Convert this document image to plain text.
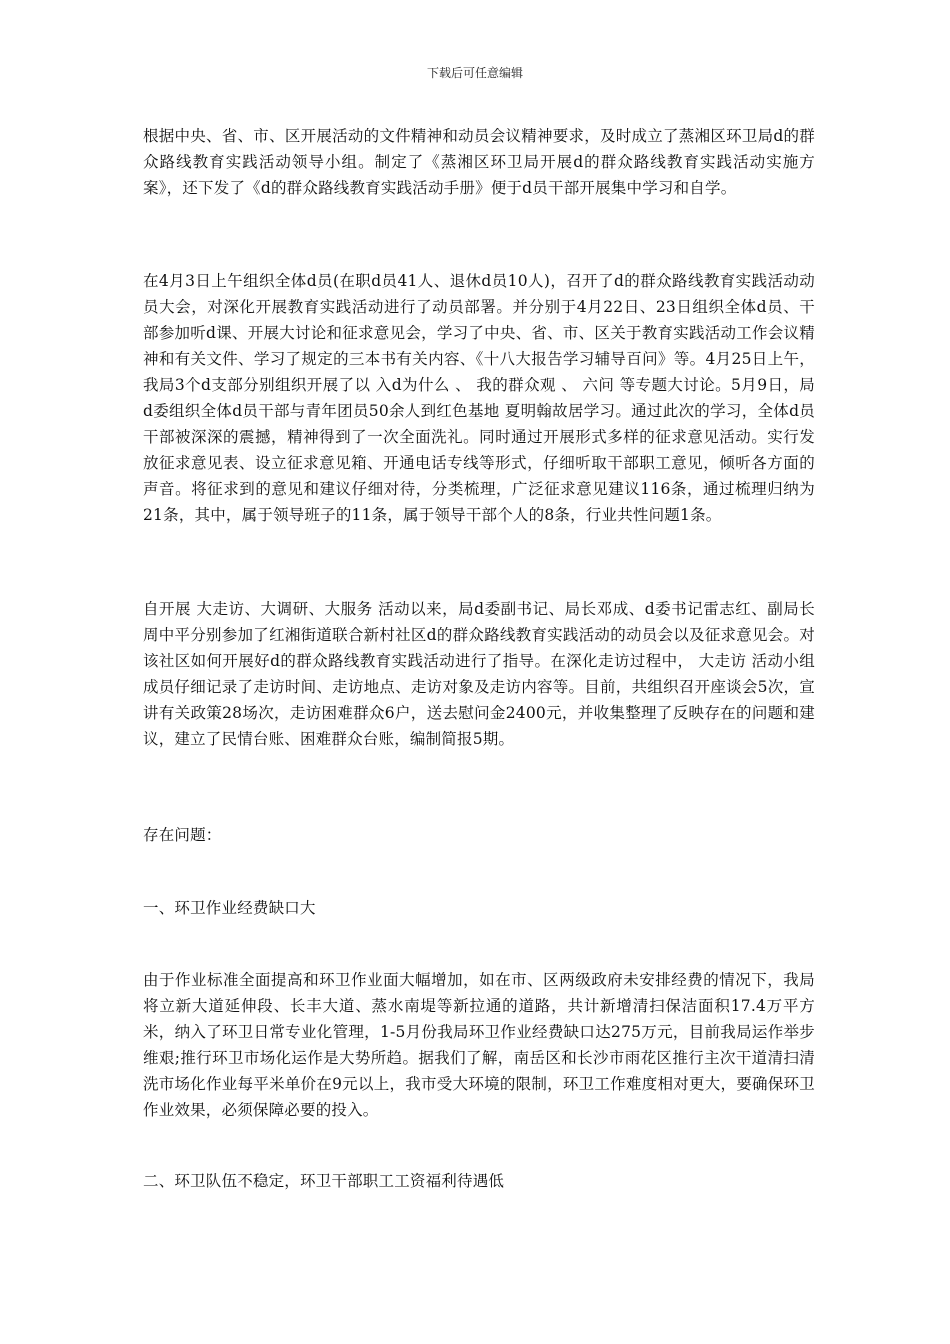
下载后可任意编辑

根据中央、省、市、区开展活动的文件精神和动员会议精神要求，及时成立了蒸湘区环卫局d的群众路线教育实践活动领导小组。制定了《蒸湘区环卫局开展d的群众路线教育实践活动实施方案》，还下发了《d的群众路线教育实践活动手册》便于d员干部开展集中学习和自学。

在4月3日上午组织全体d员(在职d员41人、退休d员10人)，召开了d的群众路线教育实践活动动员大会，对深化开展教育实践活动进行了动员部署。并分别于4月22日、23日组织全体d员、干部参加听d课、开展大讨论和征求意见会，学习了中央、省、市、区关于教育实践活动工作会议精神和有关文件、学习了规定的三本书有关内容、《十八大报告学习辅导百问》等。4月25日上午，我局3个d支部分别组织开展了以 入d为什么 、 我的群众观 、 六问 等专题大讨论。5月9日，局d委组织全体d员干部与青年团员50余人到红色基地 夏明翰故居学习。通过此次的学习，全体d员干部被深深的震撼，精神得到了一次全面洗礼。同时通过开展形式多样的征求意见活动。实行发放征求意见表、设立征求意见箱、开通电话专线等形式，仔细听取干部职工意见，倾听各方面的声音。将征求到的意见和建议仔细对待，分类梳理，广泛征求意见建议116条，通过梳理归纳为21条，其中，属于领导班子的11条，属于领导干部个人的8条，行业共性问题1条。

自开展 大走访、大调研、大服务 活动以来，局d委副书记、局长邓成、d委书记雷志红、副局长周中平分别参加了红湘街道联合新村社区d的群众路线教育实践活动的动员会以及征求意见会。对该社区如何开展好d的群众路线教育实践活动进行了指导。在深化走访过程中， 大走访 活动小组成员仔细记录了走访时间、走访地点、走访对象及走访内容等。目前，共组织召开座谈会5次，宣讲有关政策28场次，走访困难群众6户，送去慰问金2400元，并收集整理了反映存在的问题和建议，建立了民情台账、困难群众台账，编制简报5期。

存在问题：

一、环卫作业经费缺口大

由于作业标准全面提高和环卫作业面大幅增加，如在市、区两级政府未安排经费的情况下，我局将立新大道延伸段、长丰大道、蒸水南堤等新拉通的道路，共计新增清扫保洁面积17.4万平方米，纳入了环卫日常专业化管理，1-5月份我局环卫作业经费缺口达275万元，目前我局运作举步维艰;推行环卫市场化运作是大势所趋。据我们了解，南岳区和长沙市雨花区推行主次干道清扫清洗市场化作业每平米单价在9元以上，我市受大环境的限制，环卫工作难度相对更大，要确保环卫作业效果，必须保障必要的投入。

二、环卫队伍不稳定，环卫干部职工工资福利待遇低
